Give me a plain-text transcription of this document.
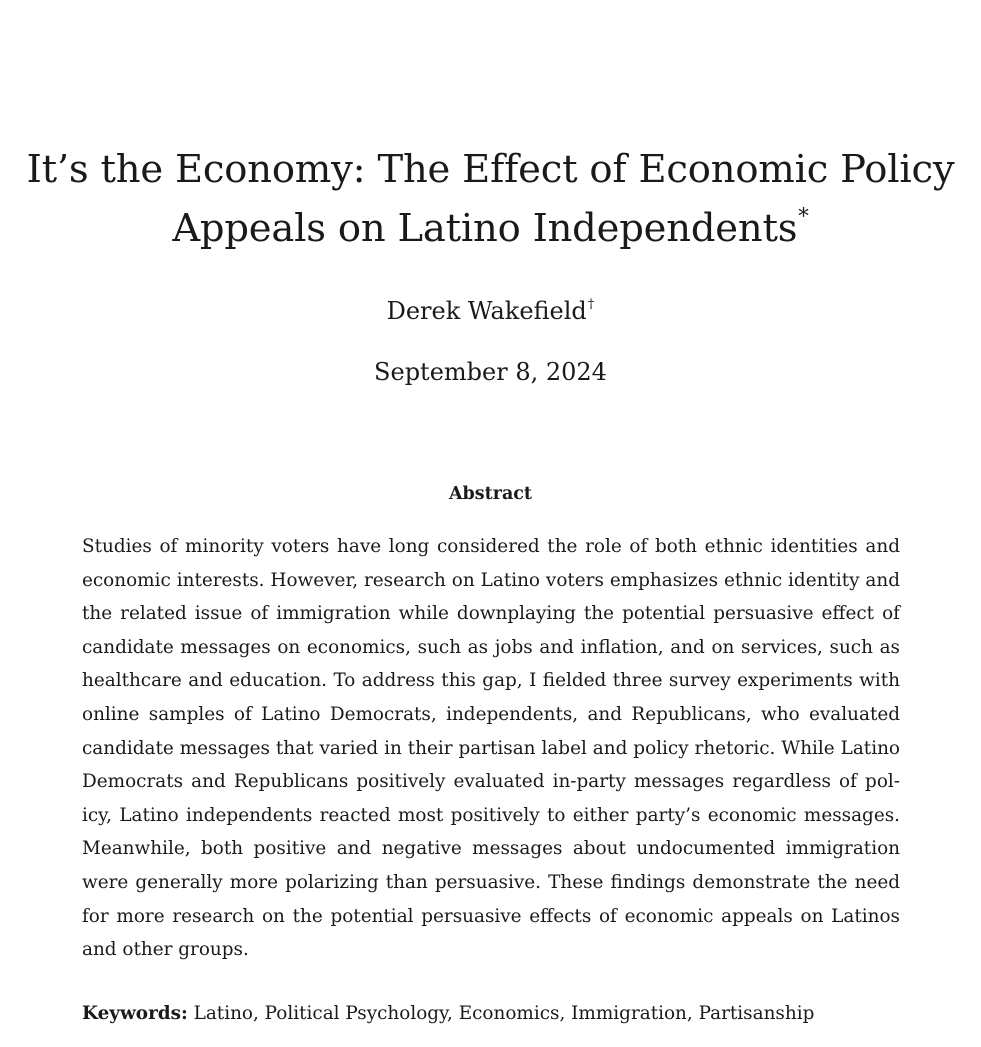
It’s the Economy: The Effect of Economic Policy
Appeals on Latino Independents*
Derek Wakefield†
September 8, 2024
Abstract
Studies of minority voters have long considered the role of both ethnic identities and
economic interests. However, research on Latino voters emphasizes ethnic identity and
the related issue of immigration while downplaying the potential persuasive effect of
candidate messages on economics, such as jobs and inflation, and on services, such as
healthcare and education. To address this gap, I fielded three survey experiments with
online samples of Latino Democrats, independents, and Republicans, who evaluated
candidate messages that varied in their partisan label and policy rhetoric. While Latino
Democrats and Republicans positively evaluated in-party messages regardless of pol-
icy, Latino independents reacted most positively to either party’s economic messages.
Meanwhile, both positive and negative messages about undocumented immigration
were generally more polarizing than persuasive. These findings demonstrate the need
for more research on the potential persuasive effects of economic appeals on Latinos
and other groups.
Keywords: Latino, Political Psychology, Economics, Immigration, Partisanship
